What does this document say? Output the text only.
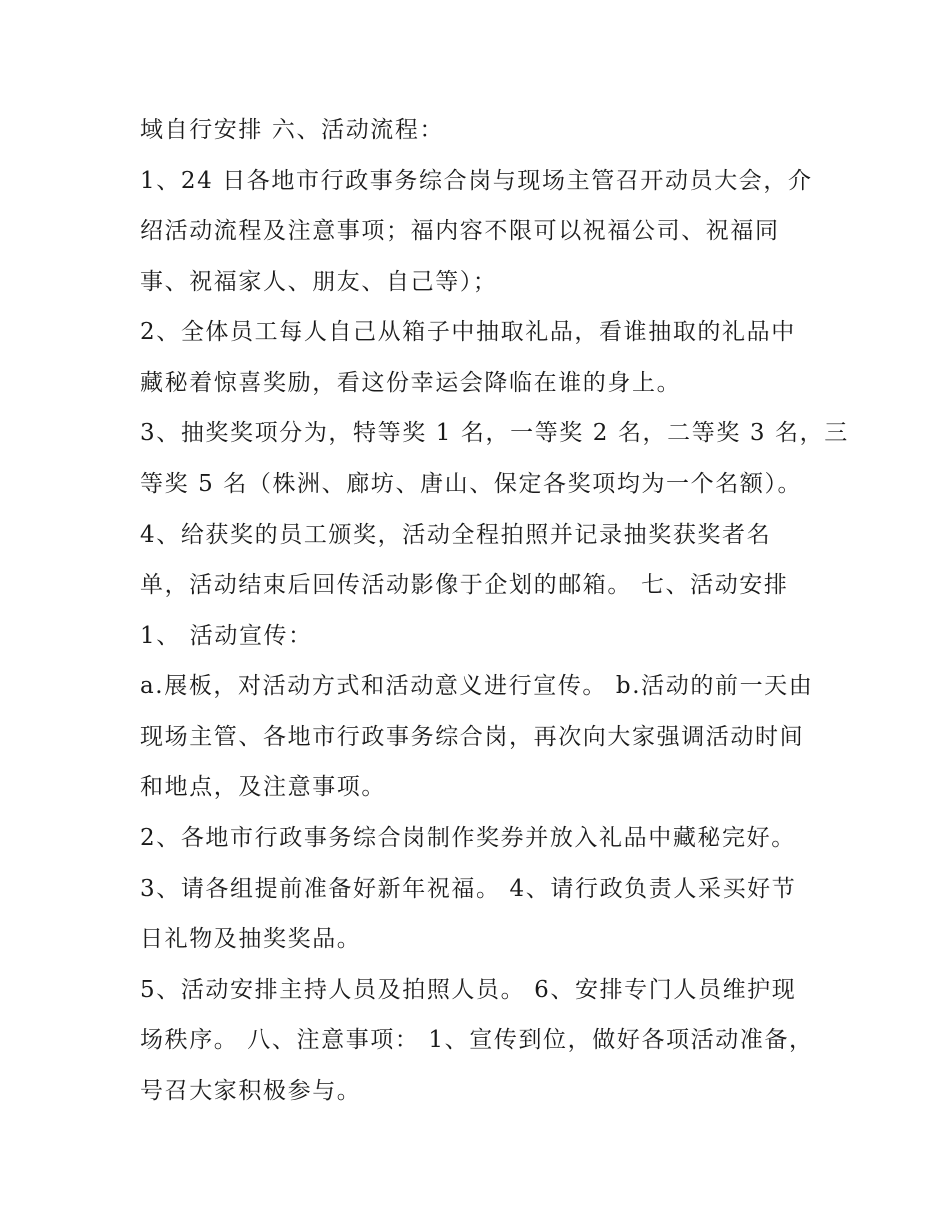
域自行安排 六、活动流程：
1、24 日各地市行政事务综合岗与现场主管召开动员大会，介
绍活动流程及注意事项；福内容不限可以祝福公司、祝福同
事、祝福家人、朋友、自己等）；
2、全体员工每人自己从箱子中抽取礼品，看谁抽取的礼品中
藏秘着惊喜奖励，看这份幸运会降临在谁的身上。
3、抽奖奖项分为，特等奖 1 名，一等奖 2 名，二等奖 3 名，三
等奖 5 名（株洲、廊坊、唐山、保定各奖项均为一个名额）。
4、给获奖的员工颁奖，活动全程拍照并记录抽奖获奖者名
单，活动结束后回传活动影像于企划的邮箱。 七、活动安排
1、 活动宣传：
a.展板，对活动方式和活动意义进行宣传。 b.活动的前一天由
现场主管、各地市行政事务综合岗，再次向大家强调活动时间
和地点，及注意事项。
2、各地市行政事务综合岗制作奖券并放入礼品中藏秘完好。
3、请各组提前准备好新年祝福。 4、请行政负责人采买好节
日礼物及抽奖奖品。
5、活动安排主持人员及拍照人员。 6、安排专门人员维护现
场秩序。 八、注意事项： 1、宣传到位，做好各项活动准备，
号召大家积极参与。
